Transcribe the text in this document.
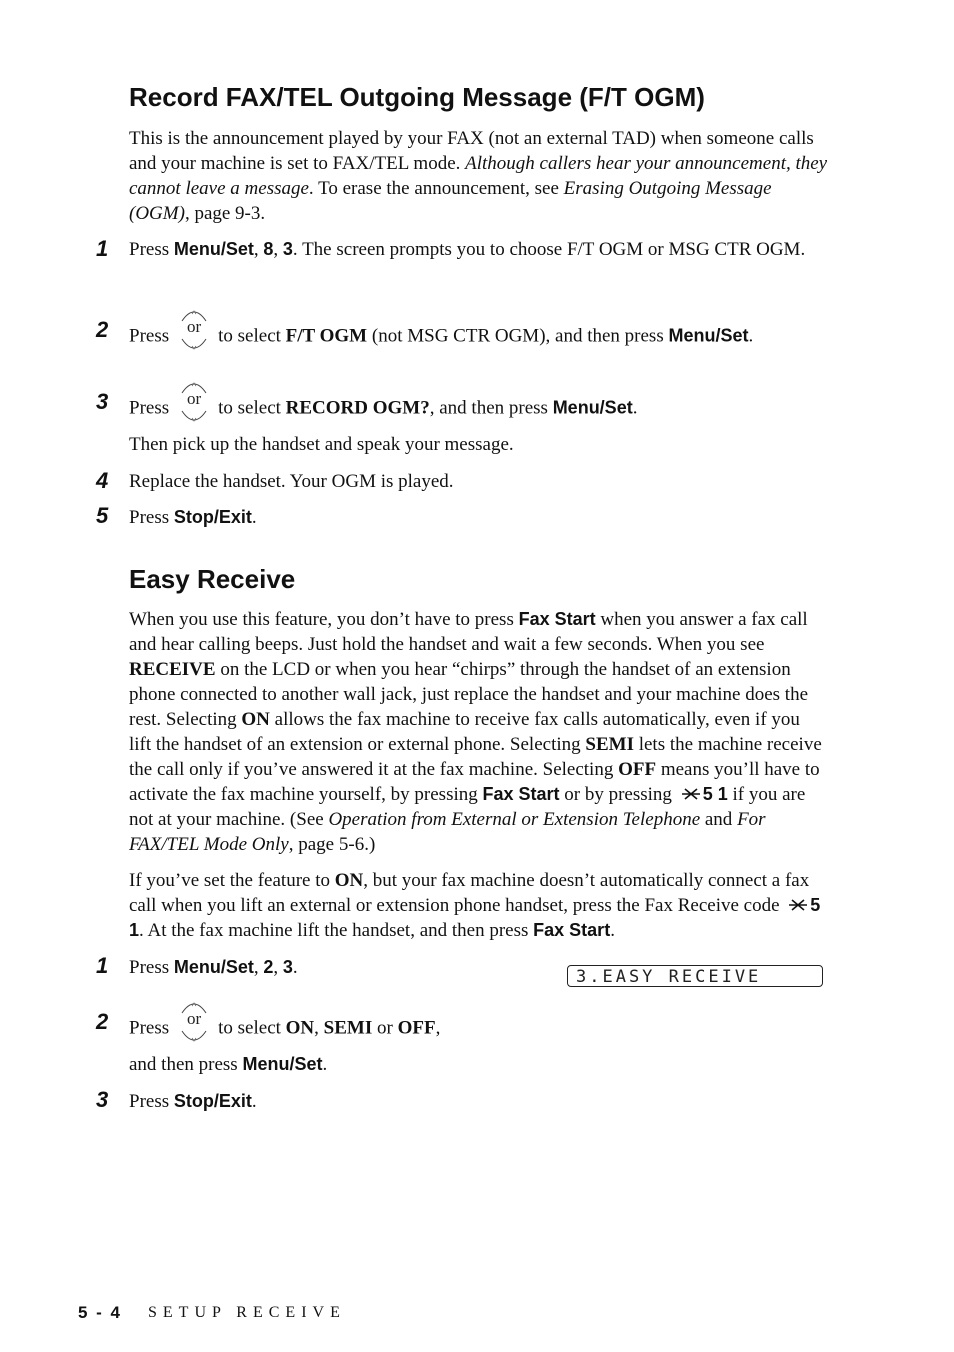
Record FAX/TEL Outgoing Message (F/T OGM)
This is the announcement played by your FAX (not an external TAD) when someone calls and your machine is set to FAX/TEL mode. Although callers hear your announcement, they cannot leave a message. To erase the announcement, see Erasing Outgoing Message (OGM), page 9-3.
1 Press Menu/Set, 8, 3. The screen prompts you to choose F/T OGM or MSG CTR OGM.
2 Press	or to select F/T OGM (not MSG CTR OGM), and then press Menu/Set.
3 Press	or to select RECORD OGM?, and then press Menu/Set.
Then pick up the handset and speak your message.
4 Replace the handset. Your OGM is played.
5 Press Stop/Exit.
Easy Receive
When you use this feature, you don’t have to press Fax Start when you answer a fax call and hear calling beeps. Just hold the handset and wait a few seconds. When you see RECEIVE on the LCD or when you hear “chirps” through the handset of an extension phone connected to another wall jack, just replace the handset and your machine does the rest. Selecting ON allows the fax machine to receive fax calls automatically, even if you lift the handset of an extension or external phone. Selecting SEMI lets the machine receive the call only if you’ve answered it at the fax machine. Selecting OFF means you’ll have to activate the fax machine yourself, by pressing Fax Start or by pressing 5 1 if you are not at your machine. (See Operation from External or Extension Telephone and For FAX/TEL Mode Only, page 5-6.)
If you’ve set the feature to ON, but your fax machine doesn’t automatically connect a fax call when you lift an external or extension phone handset, press the Fax Receive code 5 1. At the fax machine lift the handset, and then press Fax Start.
1 Press Menu/Set, 2, 3.	3.EASY RECEIVE
2 Press	or to select ON, SEMI or OFF,
and then press Menu/Set.
3 Press Stop/Exit.
5 - 4 SETUP RECEIVE
